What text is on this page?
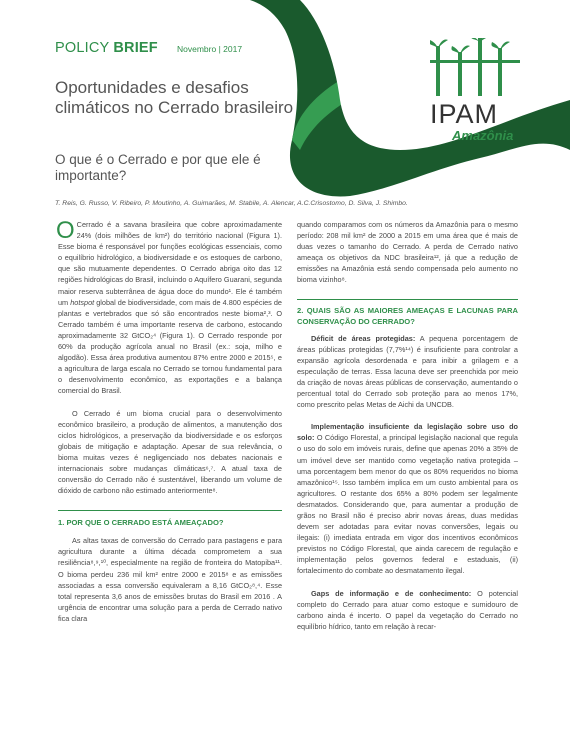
POLICY BRIEF Novembro | 2017
Oportunidades e desafios climáticos no Cerrado brasileiro
O que é o Cerrado e por que ele é importante?
IPAM
Amazônia
T. Reis, G. Russo, V. Ribeiro, P. Moutinho, A. Guimarães, M. Stabile, A. Alencar, A.C.Crisostomo, D. Silva, J. Shimbo.

O Cerrado é a savana brasileira que cobre aproximadamente 24% (dois milhões de km²) do território nacional (Figura 1). Esse bioma é responsável por funções ecológicas essenciais, como o equilíbrio hidrológico, a biodiversidade e os estoques de carbono, que são mutuamente dependentes. O Cerrado abriga oito das 12 regiões hidrológicas do Brasil, incluindo o Aquífero Guarani, segunda maior reserva subterrânea de água doce do mundo¹. Ele é também um hotspot global de biodiversidade, com mais de 4.800 espécies de plantas e vertebrados que só são encontrados neste bioma²,³. O Cerrado também é uma importante reserva de carbono, estocando aproximadamente 32 GtCO₂⁴ (Figura 1). O Cerrado responde por 60% da produção agrícola anual no Brasil (ex.: soja, milho e algodão). Essa área produtiva aumentou 87% entre 2000 e 2015⁵, e a agricultura de larga escala no Cerrado se tornou fundamental para o desenvolvimento econômico, as exportações e a balança comercial do Brasil.

O Cerrado é um bioma crucial para o desenvolvimento econômico brasileiro, a produção de alimentos, a manutenção dos ciclos hidrológicos, a preservação da biodiversidade e os esforços globais de mitigação e adaptação. Apesar de sua relevância, o bioma muitas vezes é negligenciado nos debates nacionais e internacionais sobre mudanças climáticas⁶,⁷. A atual taxa de conversão do Cerrado não é sustentável, liberando um volume de dióxido de carbono não estimado anteriormente⁸.

1. POR QUE O CERRADO ESTÁ AMEAÇADO?

As altas taxas de conversão do Cerrado para pastagens e para agricultura durante a última década comprometem a sua resiliência⁸,⁹,¹⁰, especialmente na região de fronteira do Matopiba¹¹. O bioma perdeu 236 mil km² entre 2000 e 2015⁸ e as emissões associadas a essa conversão equivaleram a 8,16 GtCO₂⁸,⁴. Esse total representa 3,6 anos de emissões brutas do Brasil em 2016 . A urgência de encontrar uma solução para a perda de Cerrado nativo fica clara

quando comparamos com os números da Amazônia para o mesmo período: 208 mil km² de 2000 a 2015 em uma área que é mais de duas vezes o tamanho do Cerrado. A perda de Cerrado nativo ameaça os objetivos da NDC brasileira¹², já que a redução de emissões na Amazônia está sendo compensada pelo aumento no bioma vizinho⁸.

2. QUAIS SÃO AS MAIORES AMEAÇAS E LACUNAS PARA CONSERVAÇÃO DO CERRADO?

Déficit de áreas protegidas: A pequena porcentagem de áreas públicas protegidas (7,7%¹⁴) é insuficiente para controlar a expansão agrícola desordenada e para inibir a grilagem e a especulação de terras. Essa lacuna deve ser preenchida por meio da criação de novas áreas públicas de conservação, aumentando o percentual total do Cerrado sob proteção para ao menos 17%, como prescrito pelas Metas de Aichi da UNCDB.

Implementação insuficiente da legislação sobre uso do solo: O Código Florestal, a principal legislação nacional que regula o uso do solo em imóveis rurais, define que apenas 20% a 35% de um imóvel deve ser mantido como vegetação nativa protegida – uma porcentagem bem menor do que os 80% requeridos no bioma amazônico¹⁵. Isso também implica em um custo ambiental para os agricultores. O restante dos 65% a 80% podem ser legalmente desmatados. Considerando que, para aumentar a produção de grãos no Brasil não é preciso abrir novas áreas, duas medidas devem ser adotadas para evitar novas conversões, legais ou ilegais: (i) imediata entrada em vigor dos incentivos econômicos previstos no Código Florestal, que ainda carecem de regulação e implementação pelos governos federal e estaduais, (ii) fortalecimento do combate ao desmatamento ilegal.

Gaps de informação e de conhecimento: O potencial completo do Cerrado para atuar como estoque e sumidouro de carbono ainda é incerto. O papel da vegetação do Cerrado no equilíbrio hídrico, tanto em relação à recar-
